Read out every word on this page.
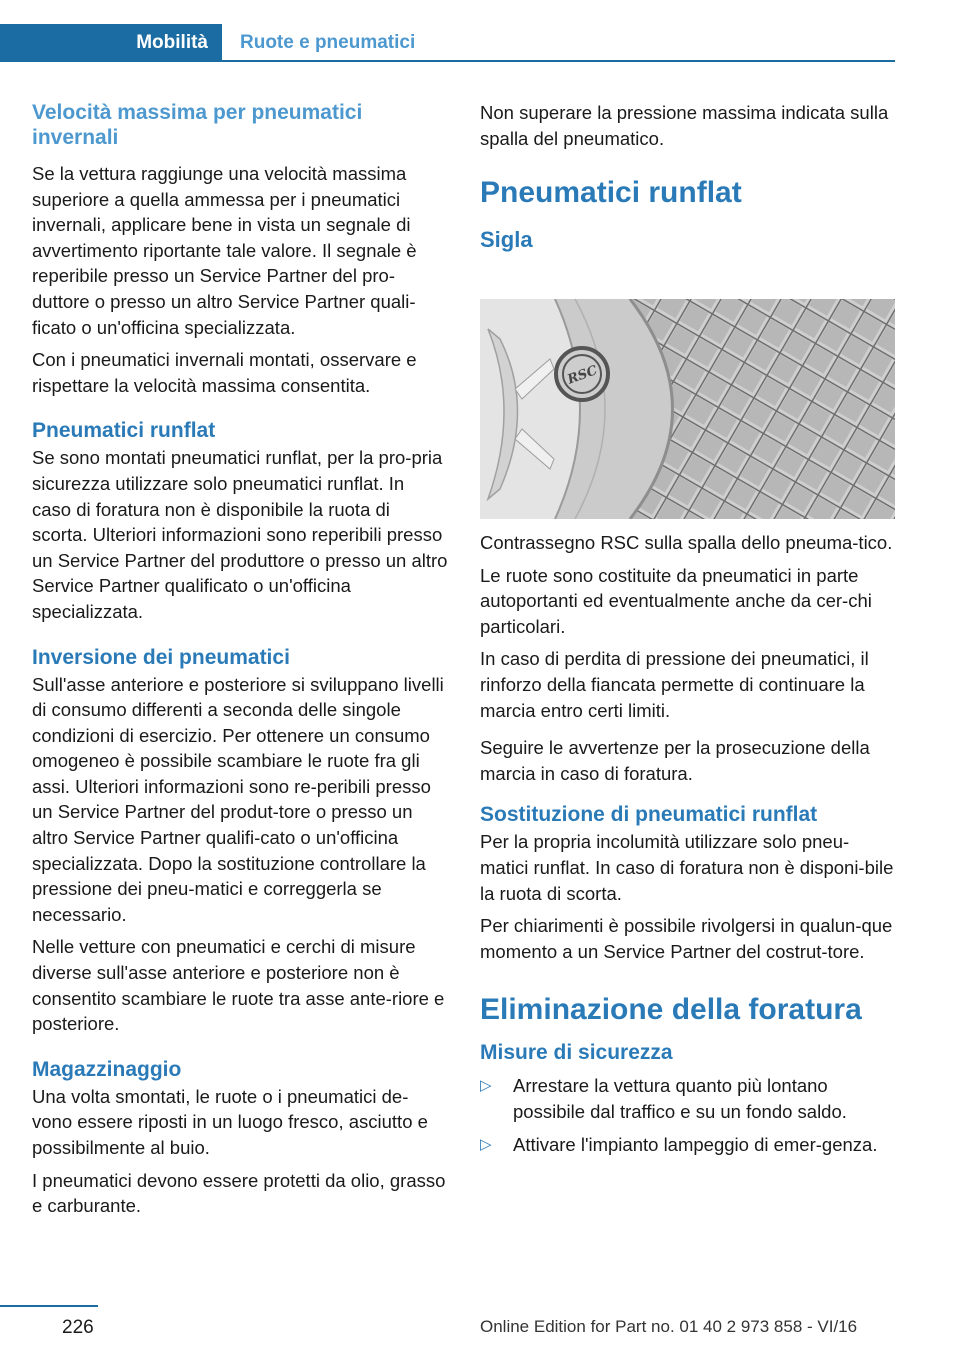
Mobilità	Ruote e pneumatici

Velocità massima per pneumatici invernali

Se la vettura raggiunge una velocità massima superiore a quella ammessa per i pneumatici invernali, applicare bene in vista un segnale di avvertimento riportante tale valore. Il segnale è reperibile presso un Service Partner del pro-duttore o presso un altro Service Partner quali-ficato o un'officina specializzata.

Con i pneumatici invernali montati, osservare e rispettare la velocità massima consentita.

Pneumatici runflat

Se sono montati pneumatici runflat, per la pro-pria sicurezza utilizzare solo pneumatici runflat. In caso di foratura non è disponibile la ruota di scorta. Ulteriori informazioni sono reperibili presso un Service Partner del produttore o presso un altro Service Partner qualificato o un'officina specializzata.

Inversione dei pneumatici

Sull'asse anteriore e posteriore si sviluppano livelli di consumo differenti a seconda delle singole condizioni di esercizio. Per ottenere un consumo omogeneo è possibile scambiare le ruote fra gli assi. Ulteriori informazioni sono re-peribili presso un Service Partner del produt-tore o presso un altro Service Partner qualifi-cato o un'officina specializzata. Dopo la sostituzione controllare la pressione dei pneu-matici e correggerla se necessario.

Nelle vetture con pneumatici e cerchi di misure diverse sull'asse anteriore e posteriore non è consentito scambiare le ruote tra asse ante-riore e posteriore.

Magazzinaggio

Una volta smontati, le ruote o i pneumatici de-vono essere riposti in un luogo fresco, asciutto e possibilmente al buio.

I pneumatici devono essere protetti da olio, grasso e carburante.

Non superare la pressione massima indicata sulla spalla del pneumatico.

Pneumatici runflat

Sigla

RSC

Contrassegno RSC sulla spalla dello pneuma-tico.

Le ruote sono costituite da pneumatici in parte autoportanti ed eventualmente anche da cer-chi particolari.

In caso di perdita di pressione dei pneumatici, il rinforzo della fiancata permette di continuare la marcia entro certi limiti.

Seguire le avvertenze per la prosecuzione della marcia in caso di foratura.

Sostituzione di pneumatici runflat

Per la propria incolumità utilizzare solo pneu-matici runflat. In caso di foratura non è disponi-bile la ruota di scorta.

Per chiarimenti è possibile rivolgersi in qualun-que momento a un Service Partner del costrut-tore.

Eliminazione della foratura

Misure di sicurezza

▷ Arrestare la vettura quanto più lontano possibile dal traffico e su un fondo saldo.
▷ Attivare l'impianto lampeggio di emer-genza.
226	Online Edition for Part no. 01 40 2 973 858 - VI/16
